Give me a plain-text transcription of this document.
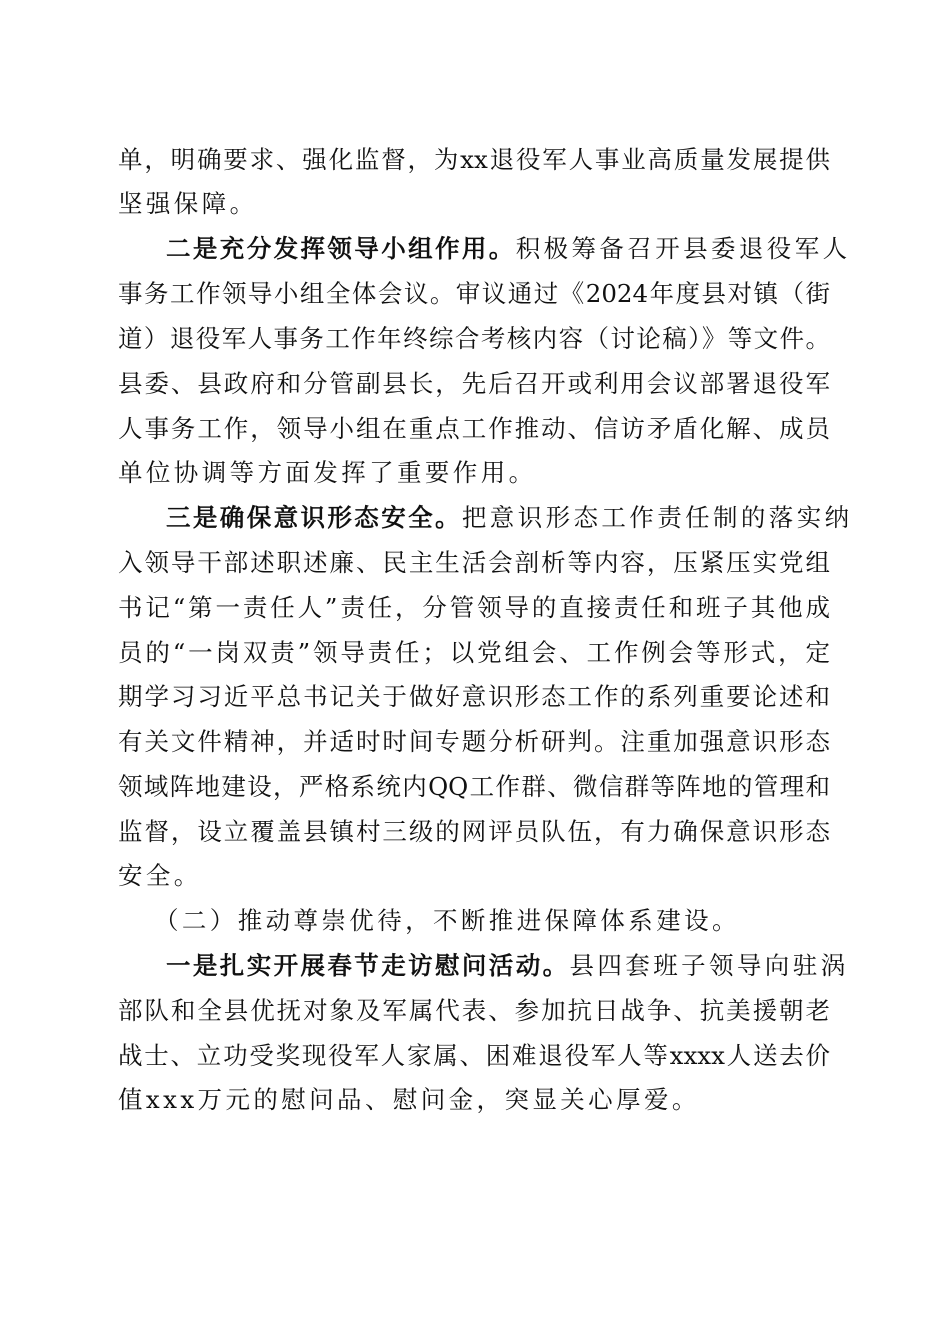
单，明确要求、强化监督，为xx退役军人事业高质量发展提供
坚强保障。
二是充分发挥领导小组作用。积极筹备召开县委退役军人
事务工作领导小组全体会议。审议通过《2024年度县对镇（街
道）退役军人事务工作年终综合考核内容（讨论稿）》等文件。
县委、县政府和分管副县长，先后召开或利用会议部署退役军
人事务工作，领导小组在重点工作推动、信访矛盾化解、成员
单位协调等方面发挥了重要作用。
三是确保意识形态安全。把意识形态工作责任制的落实纳
入领导干部述职述廉、民主生活会剖析等内容，压紧压实党组
书记“第一责任人”责任，分管领导的直接责任和班子其他成
员的“一岗双责”领导责任；以党组会、工作例会等形式，定
期学习习近平总书记关于做好意识形态工作的系列重要论述和
有关文件精神，并适时时间专题分析研判。注重加强意识形态
领域阵地建设，严格系统内QQ工作群、微信群等阵地的管理和
监督，设立覆盖县镇村三级的网评员队伍，有力确保意识形态
安全。
（二）推动尊崇优待，不断推进保障体系建设。
一是扎实开展春节走访慰问活动。县四套班子领导向驻涡
部队和全县优抚对象及军属代表、参加抗日战争、抗美援朝老
战士、立功受奖现役军人家属、困难退役军人等xxxx人送去价
值xxx万元的慰问品、慰问金，突显关心厚爱。
